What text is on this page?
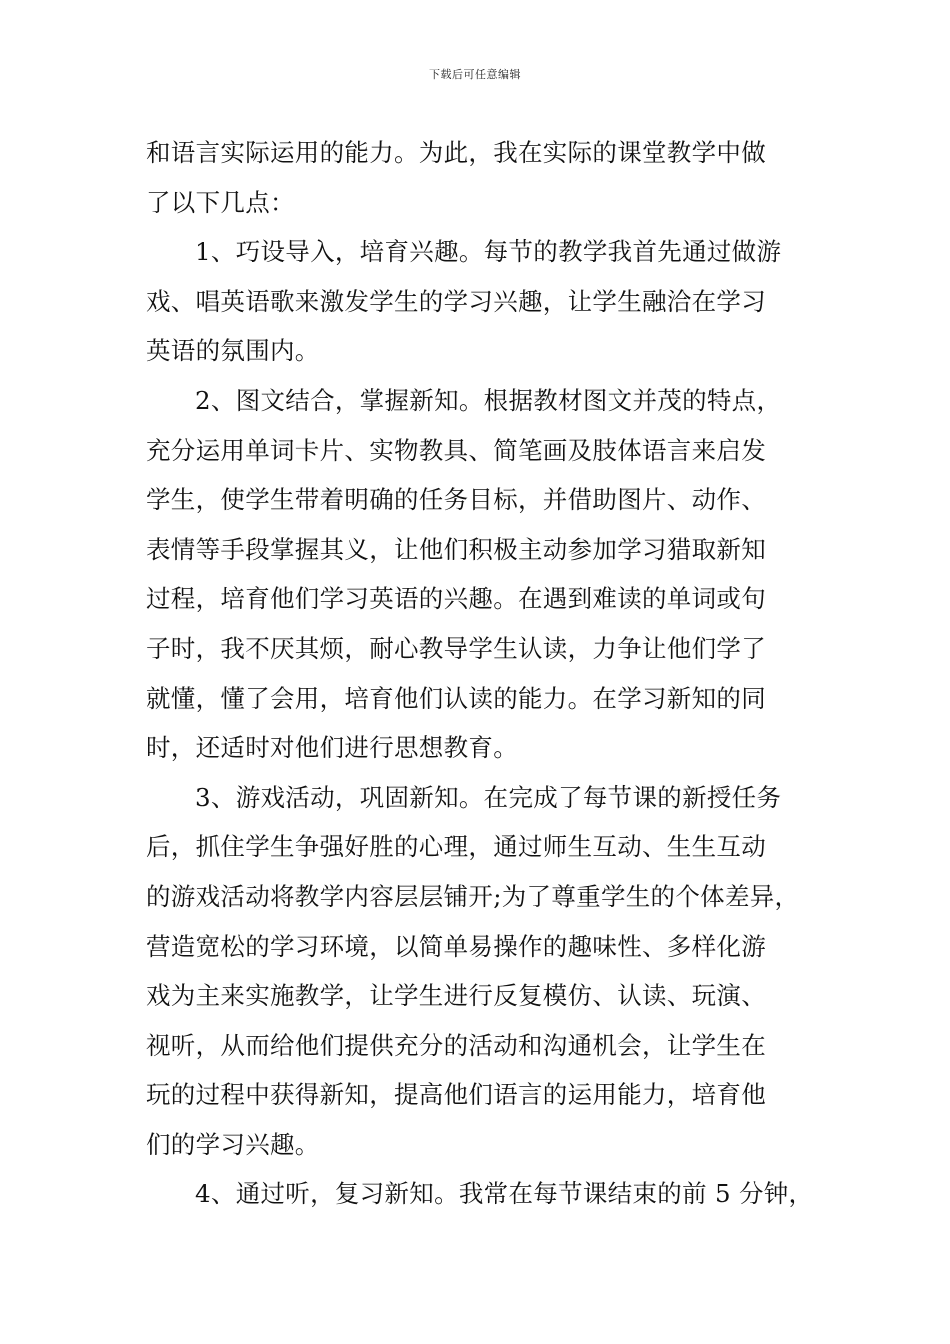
下载后可任意编辑
和语言实际运用的能力。为此，我在实际的课堂教学中做
了以下几点：
1、巧设导入，培育兴趣。每节的教学我首先通过做游
戏、唱英语歌来激发学生的学习兴趣，让学生融洽在学习
英语的氛围内。
2、图文结合，掌握新知。根据教材图文并茂的特点，
充分运用单词卡片、实物教具、简笔画及肢体语言来启发
学生，使学生带着明确的任务目标，并借助图片、动作、
表情等手段掌握其义，让他们积极主动参加学习猎取新知
过程，培育他们学习英语的兴趣。在遇到难读的单词或句
子时，我不厌其烦，耐心教导学生认读，力争让他们学了
就懂，懂了会用，培育他们认读的能力。在学习新知的同
时，还适时对他们进行思想教育。
3、游戏活动，巩固新知。在完成了每节课的新授任务
后，抓住学生争强好胜的心理，通过师生互动、生生互动
的游戏活动将教学内容层层铺开;为了尊重学生的个体差异，
营造宽松的学习环境，以简单易操作的趣味性、多样化游
戏为主来实施教学，让学生进行反复模仿、认读、玩演、
视听，从而给他们提供充分的活动和沟通机会，让学生在
玩的过程中获得新知，提高他们语言的运用能力，培育他
们的学习兴趣。
4、通过听，复习新知。我常在每节课结束的前 5 分钟，
